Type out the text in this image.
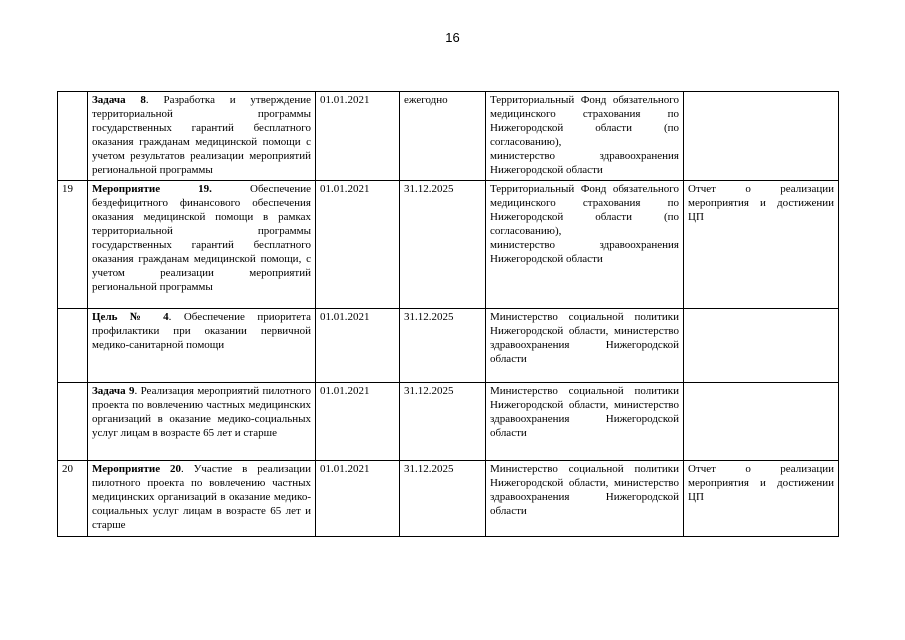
16
	Задача 8. Разработка и утверждение территориальной программы государственных гарантий бесплатного оказания гражданам медицинской помощи с учетом результатов реализации мероприятий региональной программы	01.01.2021	ежегодно	Территориальный Фонд обязательного медицинского страхования по Нижегородской области (по согласованию),
министерство здравоохранения Нижегородской области	

19	Мероприятие 19. Обеспечение бездефицитного финансового обеспечения оказания медицинской помощи в рамках территориальной программы государственных гарантий бесплатного оказания гражданам медицинской помощи, с учетом реализации мероприятий региональной программы	01.01.2021	31.12.2025	Территориальный Фонд обязательного медицинского страхования по Нижегородской области (по согласованию),
министерство здравоохранения Нижегородской области	Отчет о реализации мероприятия и достижении ЦП
	Цель № 4. Обеспечение приоритета профилактики при оказании первичной медико-санитарной помощи	01.01.2021	31.12.2025	Министерство социальной политики Нижегородской области, министерство здравоохранения Нижегородской области	

	Задача 9. Реализация мероприятий пилотного проекта по вовлечению частных медицинских организаций в оказание медико-социальных услуг лицам в возрасте 65 лет и старше	01.01.2021	31.12.2025	Министерство социальной политики Нижегородской области, министерство здравоохранения Нижегородской области	

20	Мероприятие 20. Участие в реализации пилотного проекта по вовлечению частных медицинских организаций в оказание медико-социальных услуг лицам в возрасте 65 лет и старше	01.01.2021	31.12.2025	Министерство социальной политики Нижегородской области, министерство здравоохранения Нижегородской области	Отчет о реализации мероприятия и достижении ЦП
